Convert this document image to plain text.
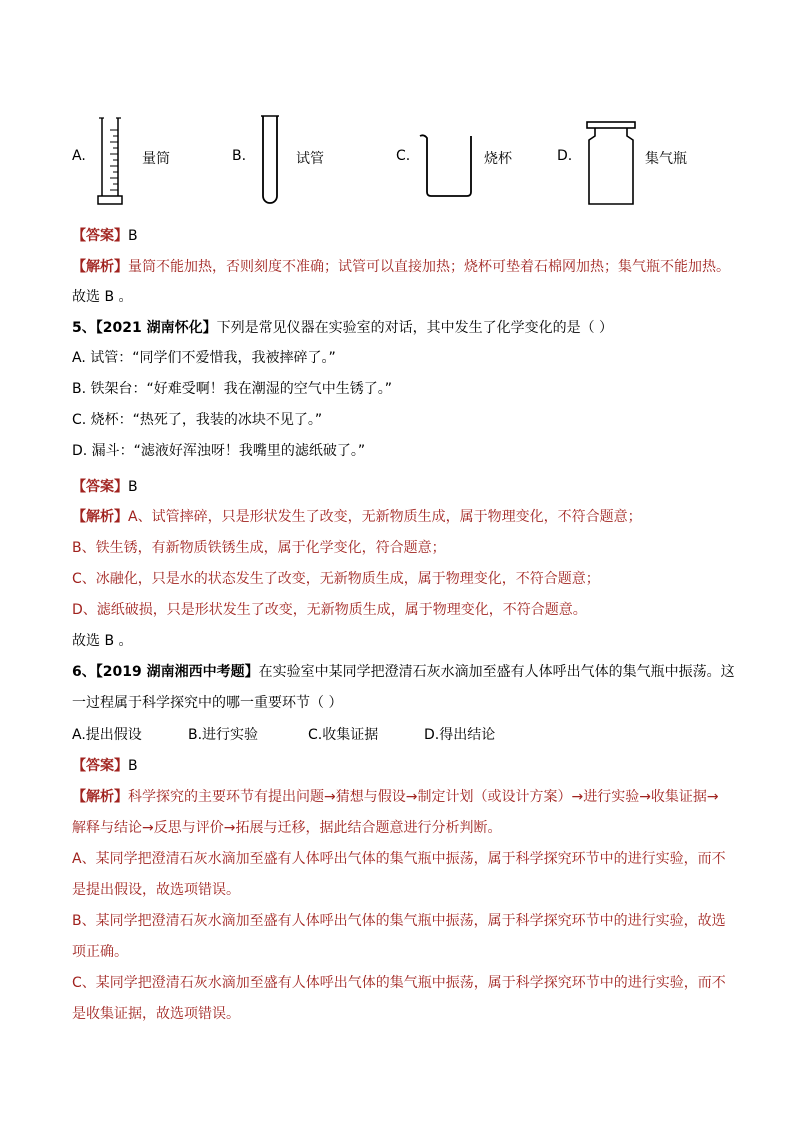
A.	量筒	B.	试管	C.	烧杯	D.	集气瓶
【答案】B
【解析】量筒不能加热，否则刻度不准确；试管可以直接加热；烧杯可垫着石棉网加热；集气瓶不能加热。
故选 B 。
5、【2021 湖南怀化】下列是常见仪器在实验室的对话，其中发生了化学变化的是（ ）
A. 试管：“同学们不爱惜我，我被摔碎了。”
B. 铁架台：“好难受啊！我在潮湿的空气中生锈了。”
C. 烧杯：“热死了，我装的冰块不见了。”
D. 漏斗：“滤液好浑浊呀！我嘴里的滤纸破了。”
【答案】B
【解析】A、试管摔碎，只是形状发生了改变，无新物质生成，属于物理变化，不符合题意；
B、铁生锈，有新物质铁锈生成，属于化学变化，符合题意；
C、冰融化，只是水的状态发生了改变，无新物质生成，属于物理变化，不符合题意；
D、滤纸破损，只是形状发生了改变，无新物质生成，属于物理变化，不符合题意。
故选 B 。
6、【2019 湖南湘西中考题】在实验室中某同学把澄清石灰水滴加至盛有人体呼出气体的集气瓶中振荡。这
一过程属于科学探究中的哪一重要环节（ ）
A.提出假设	B.进行实验	C.收集证据	D.得出结论
【答案】B
【解析】科学探究的主要环节有提出问题→猜想与假设→制定计划（或设计方案）→进行实验→收集证据→
解释与结论→反思与评价→拓展与迁移，据此结合题意进行分析判断。
A、某同学把澄清石灰水滴加至盛有人体呼出气体的集气瓶中振荡，属于科学探究环节中的进行实验，而不
是提出假设，故选项错误。
B、某同学把澄清石灰水滴加至盛有人体呼出气体的集气瓶中振荡，属于科学探究环节中的进行实验，故选
项正确。
C、某同学把澄清石灰水滴加至盛有人体呼出气体的集气瓶中振荡，属于科学探究环节中的进行实验，而不
是收集证据，故选项错误。
